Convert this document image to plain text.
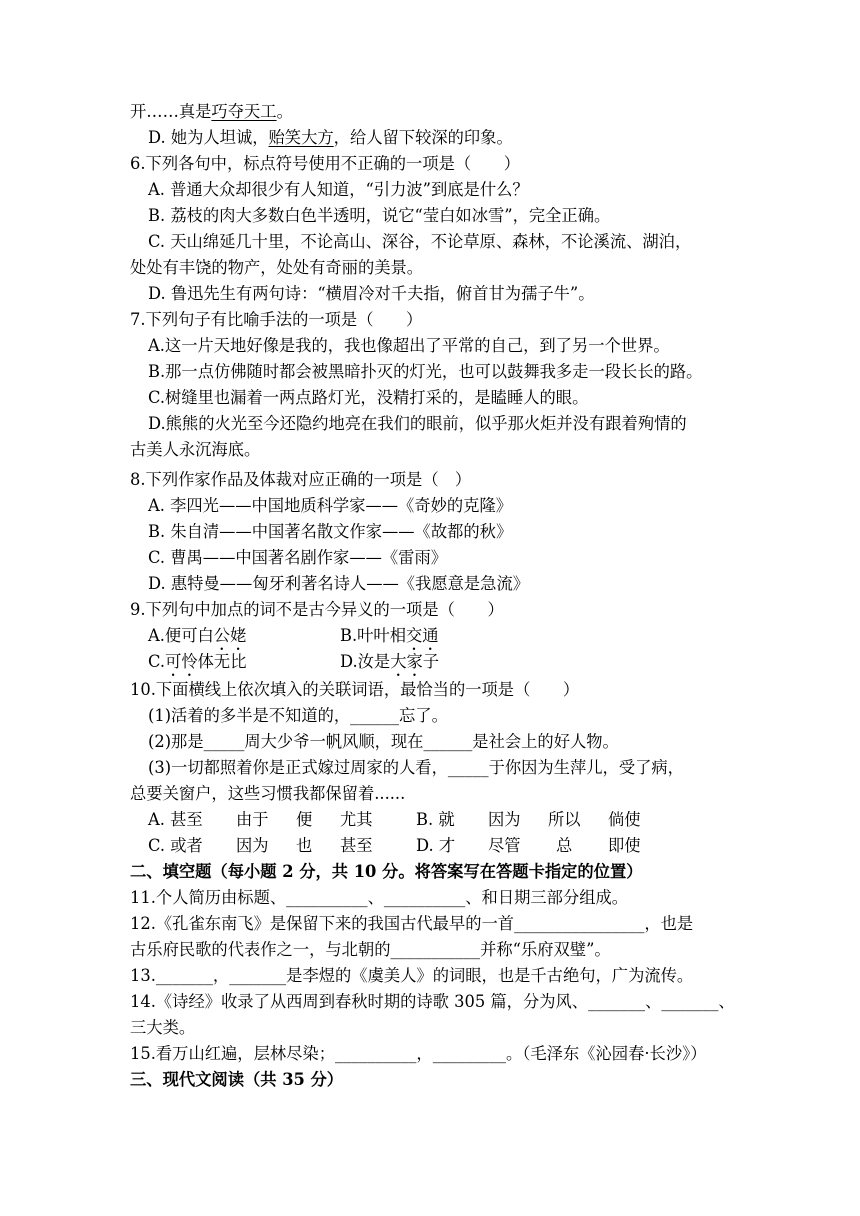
开……真是巧夺天工。
D. 她为人坦诚，贻笑大方，给人留下较深的印象。
6.下列各句中，标点符号使用不正确的一项是（　　）
A. 普通大众却很少有人知道，“引力波”到底是什么？
B. 荔枝的肉大多数白色半透明，说它“莹白如冰雪”，完全正确。
C. 天山绵延几十里，不论高山、深谷，不论草原、森林，不论溪流、湖泊，
处处有丰饶的物产，处处有奇丽的美景。
D. 鲁迅先生有两句诗：“横眉冷对千夫指，俯首甘为孺子牛”。
7.下列句子有比喻手法的一项是（　　）
A.这一片天地好像是我的，我也像超出了平常的自己，到了另一个世界。
B.那一点仿佛随时都会被黑暗扑灭的灯光，也可以鼓舞我多走一段长长的路。
C.树缝里也漏着一两点路灯光，没精打采的，是瞌睡人的眼。
D.熊熊的火光至今还隐约地亮在我们的眼前，似乎那火炬并没有跟着殉情的
古美人永沉海底。
8.下列作家作品及体裁对应正确的一项是（　）
A. 李四光——中国地质科学家——《奇妙的克隆》
B. 朱自清——中国著名散文作家——《故都的秋》
C. 曹禺——中国著名剧作家——《雷雨》
D. 惠特曼——匈牙利著名诗人——《我愿意是急流》
9.下列句中加点的词不是古今异义的一项是（　　）
A.便可白公姥	B.叶叶相交通
C.可怜体无比	D.汝是大家子
10.下面横线上依次填入的关联词语，最恰当的一项是（　　）
(1)活着的多半是不知道的，______忘了。
(2)那是_____周大少爷一帆风顺，现在______是社会上的好人物。
(3)一切都照着你是正式嫁过周家的人看，_____于你因为生萍儿，受了病，
总要关窗户，这些习惯我都保留着......
A. 甚至 由于 便 尤其	B. 就 因为 所以 倘使
C. 或者 因为 也 甚至	D. 才 尽管 总 即使
二、填空题（每小题 2 分，共 10 分。将答案写在答题卡指定的位置）
11.个人简历由标题、__________、__________、和日期三部分组成。
12.《孔雀东南飞》是保留下来的我国古代最早的一首________________，也是
古乐府民歌的代表作之一，与北朝的___________并称“乐府双璧”。
13._______，_______是李煜的《虞美人》的词眼，也是千古绝句，广为流传。
14.《诗经》收录了从西周到春秋时期的诗歌 305 篇，分为风、_______、_______、
三大类。
15.看万山红遍，层林尽染；__________，_________。（毛泽东《沁园春·长沙》）
三、现代文阅读（共 35 分）
